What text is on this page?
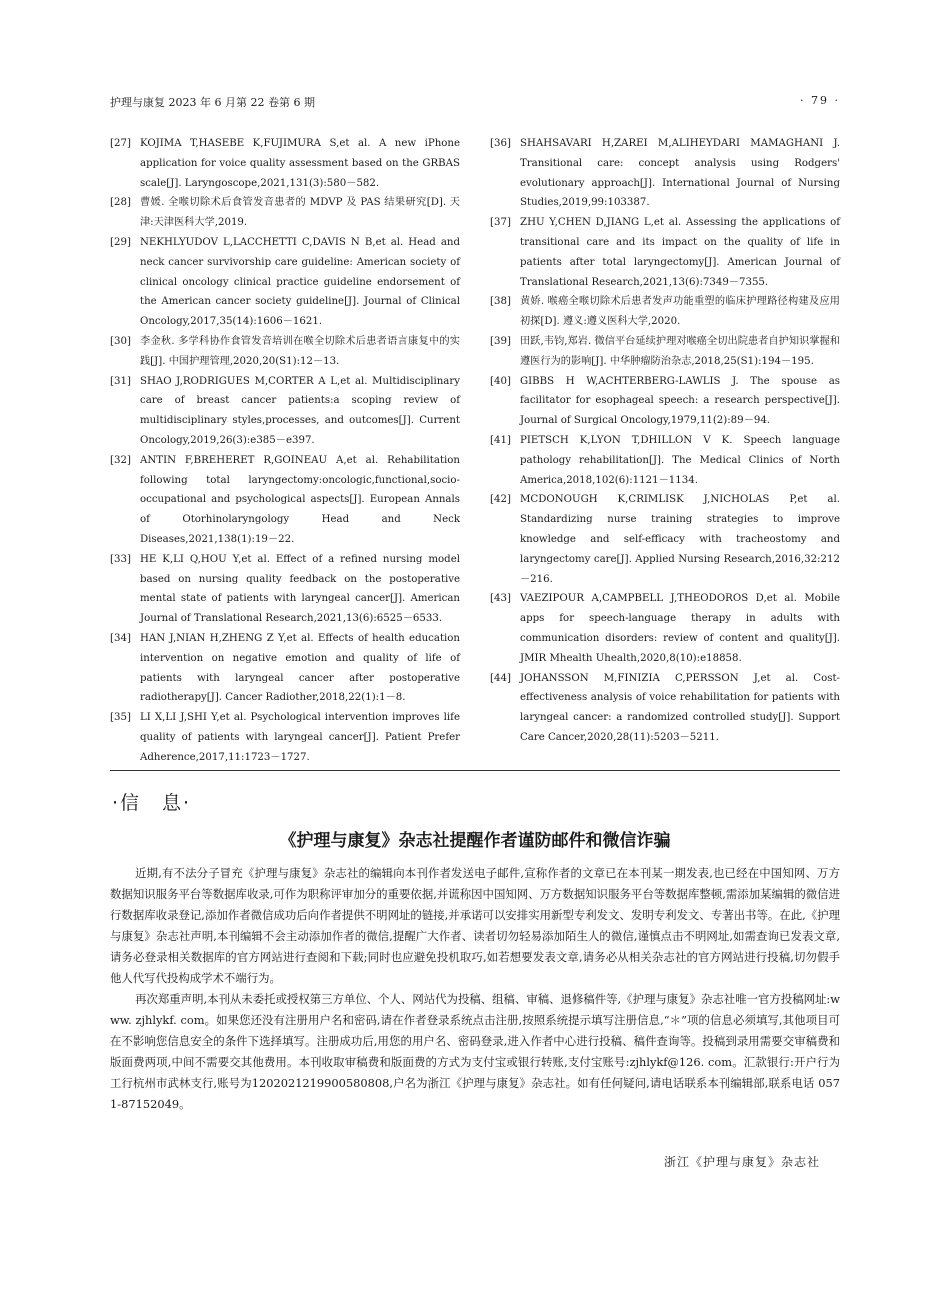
护理与康复 2023 年 6 月第 22 卷第 6 期	· 79 ·

[27] KOJIMA T,HASEBE K,FUJIMURA S,et al. A new iPhone application for voice quality assessment based on the GRBAS scale[J]. Laryngoscope,2021,131(3):580－582.

[28] 曹媛. 全喉切除术后食管发音患者的 MDVP 及 PAS 结果研究[D]. 天津:天津医科大学,2019.

[29] NEKHLYUDOV L,LACCHETTI C,DAVIS N B,et al. Head and neck cancer survivorship care guideline: American society of clinical oncology clinical practice guideline endorsement of the American cancer society guideline[J]. Journal of Clinical Oncology,2017,35(14):1606－1621.

[30] 李金秋. 多学科协作食管发音培训在喉全切除术后患者语言康复中的实践[J]. 中国护理管理,2020,20(S1):12－13.

[31] SHAO J,RODRIGUES M,CORTER A L,et al. Multidisciplinary care of breast cancer patients:a scoping review of multidisciplinary styles,processes, and outcomes[J]. Current Oncology,2019,26(3):e385－e397.

[32] ANTIN F,BREHERET R,GOINEAU A,et al. Rehabilitation following total laryngectomy:oncologic,functional,socio-occupational and psychological aspects[J]. European Annals of Otorhinolaryngology Head and Neck Diseases,2021,138(1):19－22.

[33] HE K,LI Q,HOU Y,et al. Effect of a refined nursing model based on nursing quality feedback on the postoperative mental state of patients with laryngeal cancer[J]. American Journal of Translational Research,2021,13(6):6525－6533.

[34] HAN J,NIAN H,ZHENG Z Y,et al. Effects of health education intervention on negative emotion and quality of life of patients with laryngeal cancer after postoperative radiotherapy[J]. Cancer Radiother,2018,22(1):1－8.

[35] LI X,LI J,SHI Y,et al. Psychological intervention improves life quality of patients with laryngeal cancer[J]. Patient Prefer Adherence,2017,11:1723－1727.

[36] SHAHSAVARI H,ZAREI M,ALIHEYDARI MAMAGHANI J. Transitional care: concept analysis using Rodgers' evolutionary approach[J]. International Journal of Nursing Studies,2019,99:103387.

[37] ZHU Y,CHEN D,JIANG L,et al. Assessing the applications of transitional care and its impact on the quality of life in patients after total laryngectomy[J]. American Journal of Translational Research,2021,13(6):7349－7355.

[38] 黄娇. 喉癌全喉切除术后患者发声功能重塑的临床护理路径构建及应用初探[D]. 遵义:遵义医科大学,2020.

[39] 田跃,韦钧,郑岩. 微信平台延续护理对喉癌全切出院患者自护知识掌握和遵医行为的影响[J]. 中华肿瘤防治杂志,2018,25(S1):194－195.

[40] GIBBS H W,ACHTERBERG-LAWLIS J. The spouse as facilitator for esophageal speech: a research perspective[J]. Journal of Surgical Oncology,1979,11(2):89－94.

[41] PIETSCH K,LYON T,DHILLON V K. Speech language pathology rehabilitation[J]. The Medical Clinics of North America,2018,102(6):1121－1134.

[42] MCDONOUGH K,CRIMLISK J,NICHOLAS P,et al. Standardizing nurse training strategies to improve knowledge and self-efficacy with tracheostomy and laryngectomy care[J]. Applied Nursing Research,2016,32:212－216.

[43] VAEZIPOUR A,CAMPBELL J,THEODOROS D,et al. Mobile apps for speech-language therapy in adults with communication disorders: review of content and quality[J]. JMIR Mhealth Uhealth,2020,8(10):e18858.

[44] JOHANSSON M,FINIZIA C,PERSSON J,et al. Cost-effectiveness analysis of voice rehabilitation for patients with laryngeal cancer: a randomized controlled study[J]. Support Care Cancer,2020,28(11):5203－5211.

·信　息·
《护理与康复》杂志社提醒作者谨防邮件和微信诈骗

近期,有不法分子冒充《护理与康复》杂志社的编辑向本刊作者发送电子邮件,宣称作者的文章已在本刊某一期发表,也已经在中国知网、万方数据知识服务平台等数据库收录,可作为职称评审加分的重要依据,并谎称因中国知网、万方数据知识服务平台等数据库整顿,需添加某编辑的微信进行数据库收录登记,添加作者微信成功后向作者提供不明网址的链接,并承诺可以安排实用新型专利发文、发明专利发文、专著出书等。在此,《护理与康复》杂志社声明,本刊编辑不会主动添加作者的微信,提醒广大作者、读者切勿轻易添加陌生人的微信,谨慎点击不明网址,如需查询已发表文章,请务必登录相关数据库的官方网站进行查阅和下载;同时也应避免投机取巧,如若想要发表文章,请务必从相关杂志社的官方网站进行投稿,切勿假手他人代写代投构成学术不端行为。

再次郑重声明,本刊从未委托或授权第三方单位、个人、网站代为投稿、组稿、审稿、退修稿件等,《护理与康复》杂志社唯一官方投稿网址:www. zjhlykf. com。如果您还没有注册用户名和密码,请在作者登录系统点击注册,按照系统提示填写注册信息,“＊”项的信息必须填写,其他项目可在不影响您信息安全的条件下选择填写。注册成功后,用您的用户名、密码登录,进入作者中心进行投稿、稿件查询等。投稿到录用需要交审稿费和版面费两项,中间不需要交其他费用。本刊收取审稿费和版面费的方式为支付宝或银行转账,支付宝账号:zjhlykf@126. com。汇款银行:开户行为工行杭州市武林支行,账号为1202021219900580808,户名为浙江《护理与康复》杂志社。如有任何疑问,请电话联系本刊编辑部,联系电话 0571-87152049。

浙江《护理与康复》杂志社
